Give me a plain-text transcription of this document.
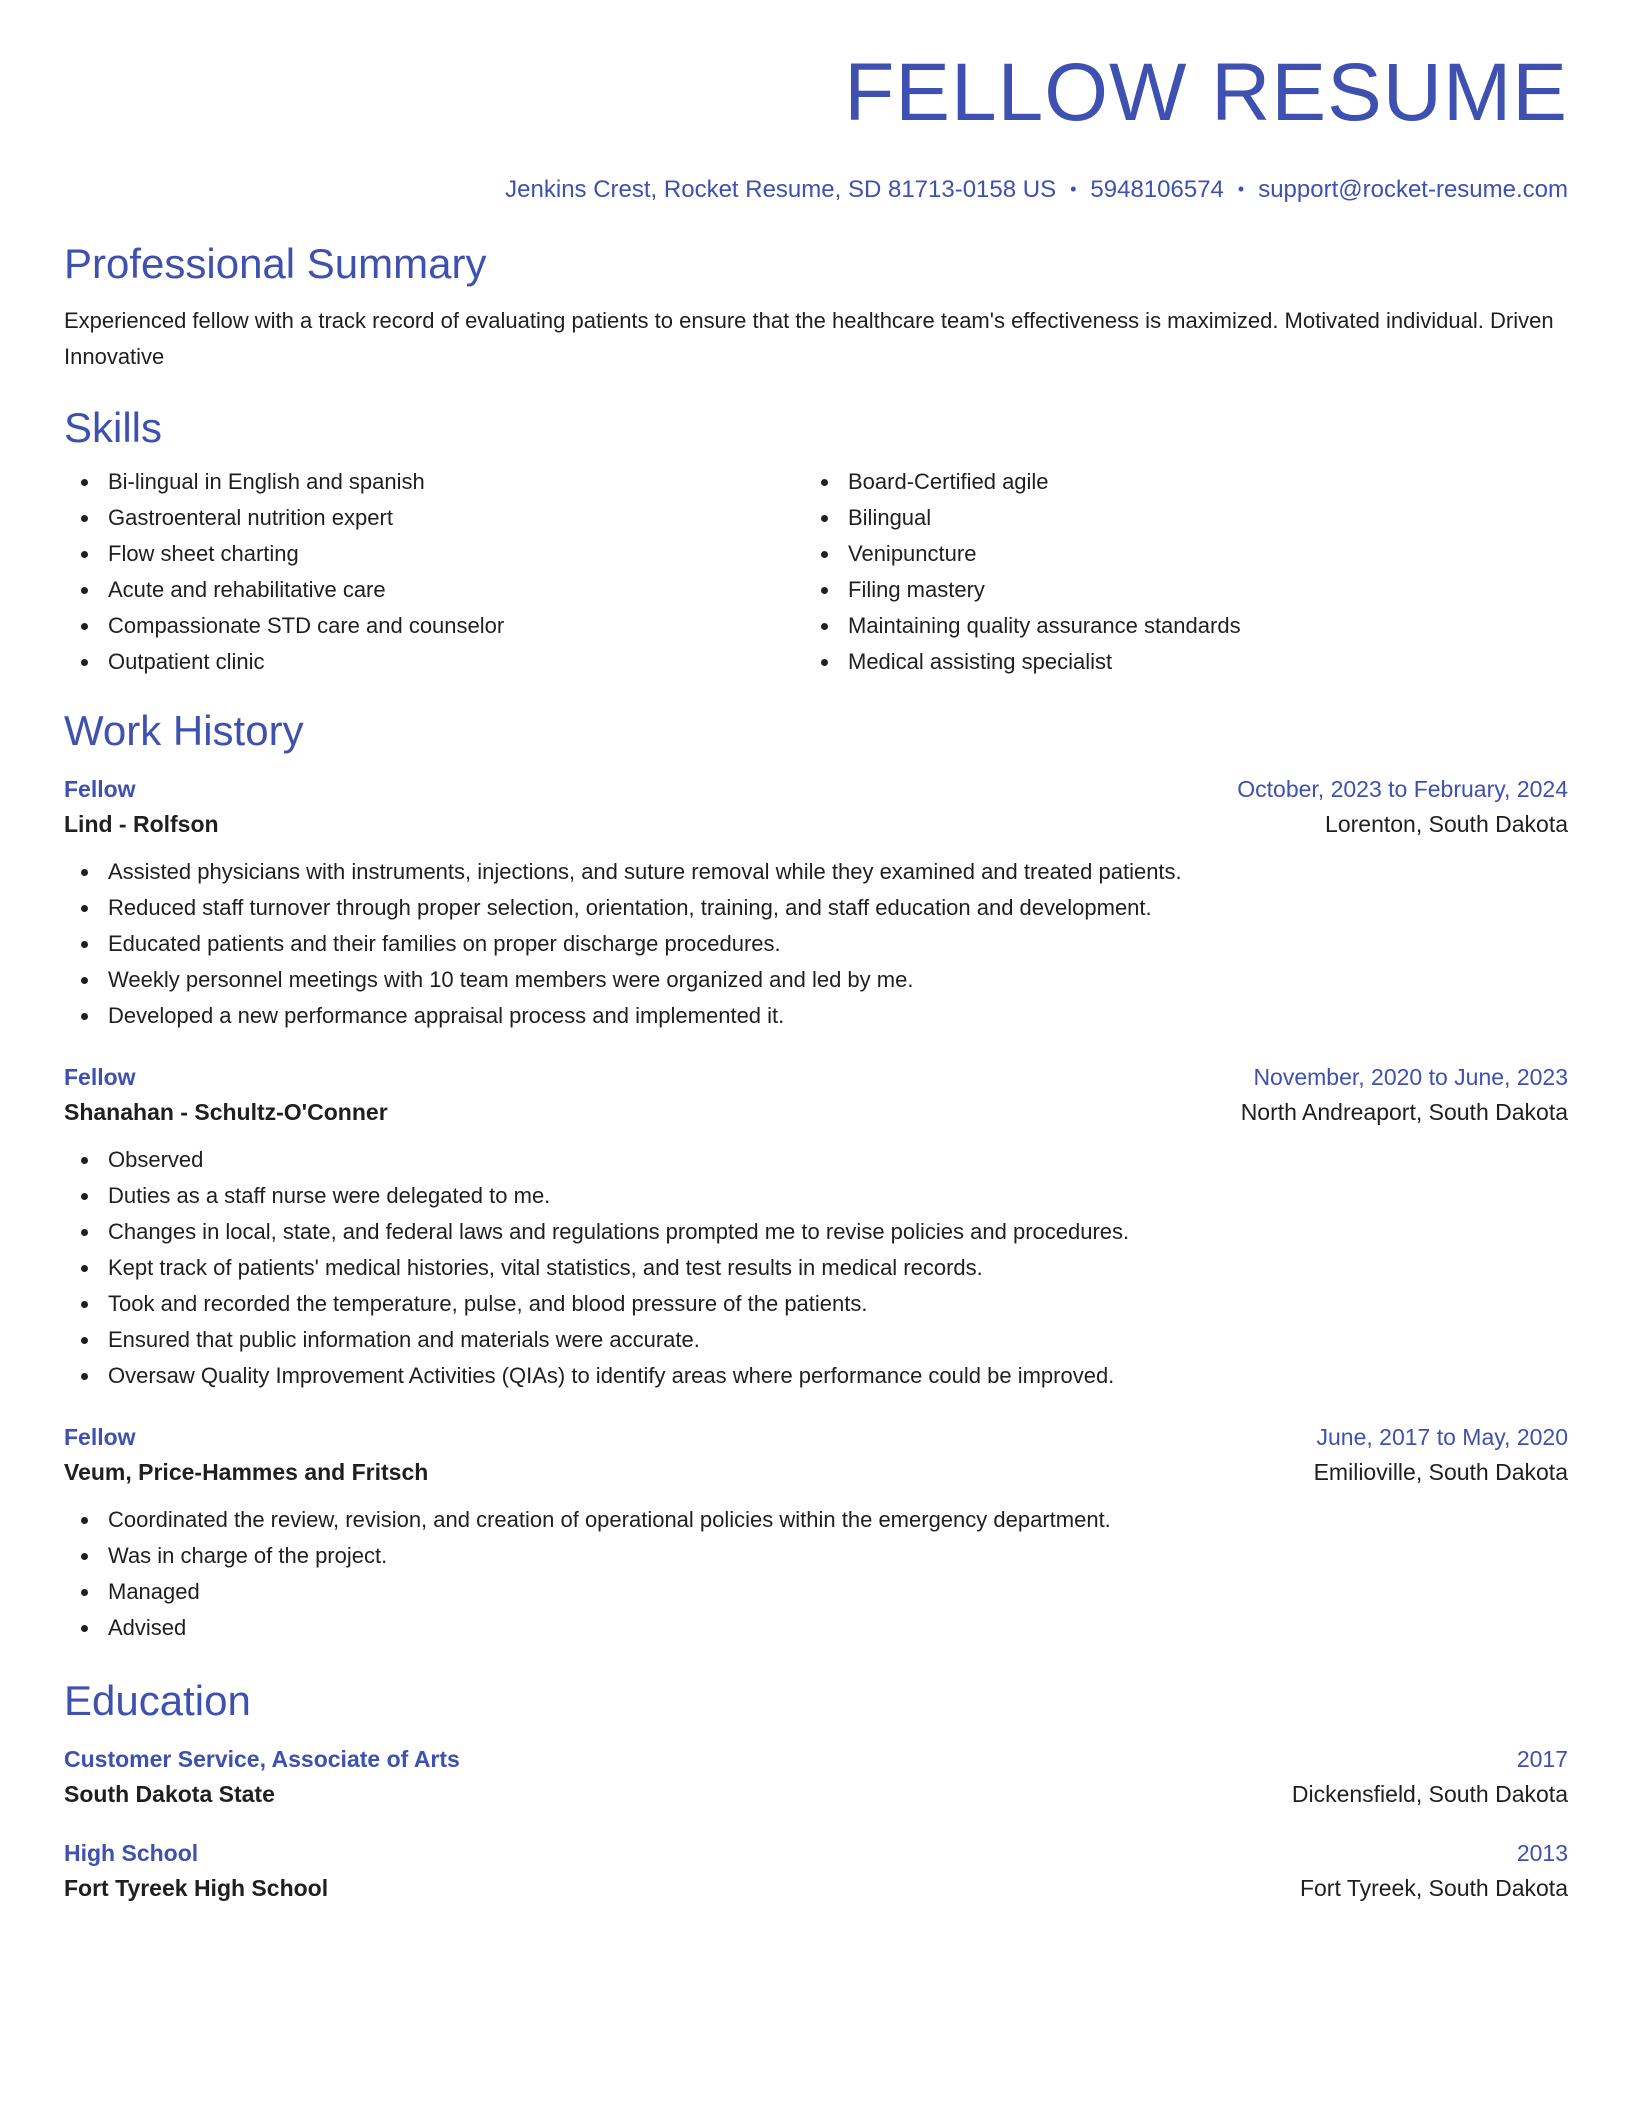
FELLOW RESUME
Jenkins Crest, Rocket Resume, SD 81713-0158 US • 5948106574 • support@rocket-resume.com
Professional Summary

Experienced fellow with a track record of evaluating patients to ensure that the healthcare team's effectiveness is maximized. Motivated individual. Driven Innovative

Skills
Bi-lingual in English and spanish
Gastroenteral nutrition expert
Flow sheet charting
Acute and rehabilitative care
Compassionate STD care and counselor
Outpatient clinic
Board-Certified agile
Bilingual
Venipuncture
Filing mastery
Maintaining quality assurance standards
Medical assisting specialist
Work History
Fellow	October, 2023 to February, 2024
Lind - Rolfson	Lorenton, South Dakota
Assisted physicians with instruments, injections, and suture removal while they examined and treated patients.
Reduced staff turnover through proper selection, orientation, training, and staff education and development.
Educated patients and their families on proper discharge procedures.
Weekly personnel meetings with 10 team members were organized and led by me.
Developed a new performance appraisal process and implemented it.
Fellow	November, 2020 to June, 2023
Shanahan - Schultz-O'Conner	North Andreaport, South Dakota
Observed
Duties as a staff nurse were delegated to me.
Changes in local, state, and federal laws and regulations prompted me to revise policies and procedures.
Kept track of patients' medical histories, vital statistics, and test results in medical records.
Took and recorded the temperature, pulse, and blood pressure of the patients.
Ensured that public information and materials were accurate.
Oversaw Quality Improvement Activities (QIAs) to identify areas where performance could be improved.
Fellow	June, 2017 to May, 2020
Veum, Price-Hammes and Fritsch	Emilioville, South Dakota
Coordinated the review, revision, and creation of operational policies within the emergency department.
Was in charge of the project.
Managed
Advised
Education
Customer Service, Associate of Arts	2017
South Dakota State	Dickensfield, South Dakota
High School	2013
Fort Tyreek High School	Fort Tyreek, South Dakota
